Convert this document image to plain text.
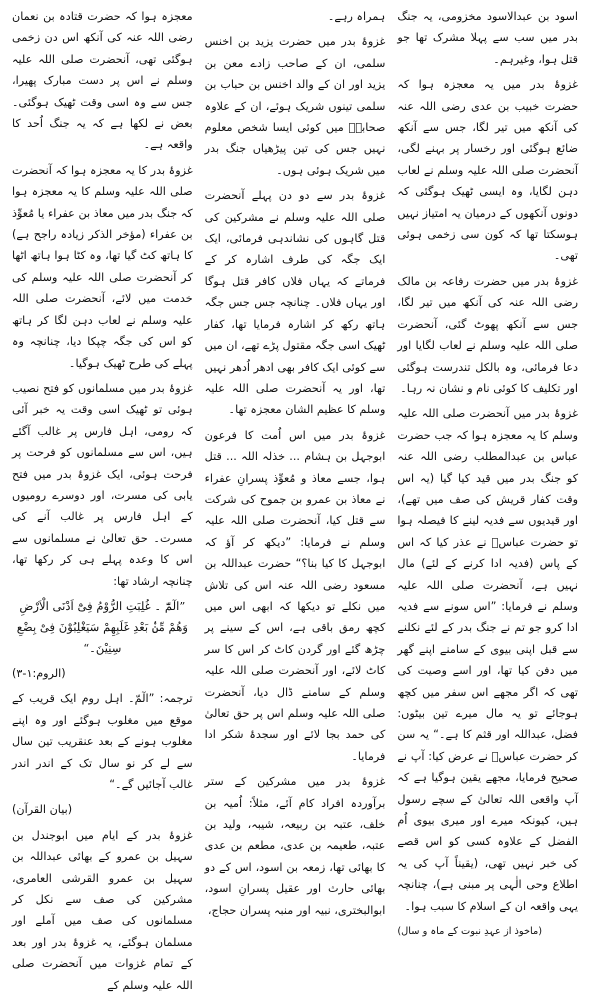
معجزہ ہوا کہ حضرت قتادہ بن نعمان رضی اللہ عنہ کی آنکھ اس دن زخمی ہوگئی تھی، آنحضرت صلی اللہ علیہ وسلم نے اس پر دست مبارک پھیرا، جس سے وہ اسی وقت ٹھیک ہوگئی۔ بعض نے لکھا ہے کہ یہ جنگ اُحد کا واقعہ ہے۔

غزوۂ بدر کا یہ معجزہ ہوا کہ آنحضرت صلی اللہ علیہ وسلم کا یہ معجزہ ہوا کہ جنگ بدر میں معاذ بن عفراء یا مُعوِّذ بن عفراء (مؤخر الذکر زیادہ راجح ہے) کا ہاتھ کٹ گیا تھا، وہ کٹا ہوا ہاتھ اٹھا کر آنحضرت صلی اللہ علیہ وسلم کی خدمت میں لائے، آنحضرت صلی اللہ علیہ وسلم نے لعاب دہن لگا کر ہاتھ کو اس کی جگہ چپکا دیا، چنانچہ وہ پہلے کی طرح ٹھیک ہوگیا۔

غزوۂ بدر میں مسلمانوں کو فتح نصیب ہوئی تو ٹھیک اسی وقت یہ خبر آئی کہ رومی، اہل فارس پر غالب آگئے ہیں، اس سے مسلمانوں کو فرحت پر فرحت ہوئی، ایک غزوۂ بدر میں فتح یابی کی مسرت، اور دوسرے رومیوں کے اہل فارس پر غالب آنے کی مسرت۔ حق تعالیٰ نے مسلمانوں سے اس کا وعدہ پہلے ہی کر رکھا تھا، چنانچہ ارشاد تھا:

”الٓمّٓ ۔ غُلِبَتِ الرُّوْمُ فِیْٓ اَدْنَی الْاَرْضِ وَھُمْ مِّنْۢ بَعْدِ غَلَبِهِمْ سَيَغْلِبُوْنَ فِیْ بِضْعِ سِنِيْنَ۔“

(الروم:۱-۳)

ترجمہ: ”الٓمّ۔ اہل روم ایک قریب کے موقع میں مغلوب ہوگئے اور وہ اپنے مغلوب ہونے کے بعد عنقریب تین سال سے لے کر نو سال تک کے اندر اندر غالب آجائیں گے۔“

(بیان القرآن)

غزوۂ بدر کے ایام میں ابوجندل بن سہیل بن عمرو کے بھائی عبداللہ بن سہیل بن عمرو القرشی العامری، مشرکین کی صف سے نکل کر مسلمانوں کی صف میں آملے اور مسلمان ہوگئے، یہ غزوۂ بدر اور بعد کے تمام غزوات میں آنحضرت صلی اللہ علیہ وسلم کے

ہمراہ رہے۔

غزوۂ بدر میں حضرت یزید بن اخنس سلمی، ان کے صاحب زادے معن بن یزید اور ان کے والد اخنس بن حباب بن سلمی تینوں شریک ہوئے، ان کے علاوہ صحابہؓ میں کوئی ایسا شخص معلوم نہیں جس کی تین پیڑھیاں جنگ بدر میں شریک ہوئی ہوں۔

غزوۂ بدر سے دو دن پہلے آنحضرت صلی اللہ علیہ وسلم نے مشرکین کی قتل گاہوں کی نشاندہی فرمائی، ایک ایک جگہ کی طرف اشارہ کر کے فرماتے کہ یہاں فلاں کافر قتل ہوگا اور یہاں فلاں۔ چنانچہ جس جس جگہ ہاتھ رکھ کر اشارہ فرمایا تھا، کفار ٹھیک اسی جگہ مقتول پڑے تھے، ان میں سے کوئی ایک کافر بھی ادھر اُدھر نہیں تھا، اور یہ آنحضرت صلی اللہ علیہ وسلم کا عظیم الشان معجزہ تھا۔

غزوۂ بدر میں اس اُمت کا فرعون ابوجہل بن ہشام ... خذلہ اللہ ... قتل ہوا، جسے معاذ و مُعوِّذ پسرانِ عفراء نے معاذ بن عمرو بن جموح کی شرکت سے قتل کیا، آنحضرت صلی اللہ علیہ وسلم نے فرمایا: ”دیکھ کر آؤ کہ ابوجہل کا کیا بنا؟“ حضرت عبداللہ بن مسعود رضی اللہ عنہ اس کی تلاش میں نکلے تو دیکھا کہ ابھی اس میں کچھ رمق باقی ہے، اس کے سینے پر چڑھ گئے اور گردن کاٹ کر اس کا سر کاٹ لائے، اور آنحضرت صلی اللہ علیہ وسلم کے سامنے ڈال دیا، آنحضرت صلی اللہ علیہ وسلم اس پر حق تعالیٰ کی حمد بجا لائے اور سجدۂ شکر ادا فرمایا۔

غزوۂ بدر میں مشرکین کے ستر برآوردہ افراد کام آئے، مثلاً: اُمیہ بن خلف، عتبہ بن ربیعہ، شیبہ، ولید بن عتبہ، طعیمہ بن عدی، مطعم بن عدی کا بھائی تھا، زمعہ بن اسود، اس کے دو بھائی حارث اور عقیل پسرانِ اسود، ابوالبختری، نبیہ اور منبہ پسران حجاج،

اسود بن عبدالاسود مخزومی، یہ جنگ بدر میں سب سے پہلا مشرک تھا جو قتل ہوا، وغیرہم۔

غزوۂ بدر میں یہ معجزہ ہوا کہ حضرت خبیب بن عدی رضی اللہ عنہ کی آنکھ میں تیر لگا، جس سے آنکھ ضائع ہوگئی اور رخسار پر بہنے لگی، آنحضرت صلی اللہ علیہ وسلم نے لعاب دہن لگایا، وہ ایسی ٹھیک ہوگئی کہ دونوں آنکھوں کے درمیان یہ امتیاز نہیں ہوسکتا تھا کہ کون سی زخمی ہوئی تھی۔

غزوۂ بدر میں حضرت رفاعہ بن مالک رضی اللہ عنہ کی آنکھ میں تیر لگا، جس سے آنکھ پھوٹ گئی، آنحضرت صلی اللہ علیہ وسلم نے لعاب لگایا اور دعا فرمائی، وہ بالکل تندرست ہوگئی اور تکلیف کا کوئی نام و نشان نہ رہا۔

غزوۂ بدر میں آنحضرت صلی اللہ علیہ وسلم کا یہ معجزہ ہوا کہ جب حضرت عباس بن عبدالمطلب رضی اللہ عنہ کو جنگ بدر میں قید کیا گیا (یہ اس وقت کفار قریش کی صف میں تھے)، اور قیدیوں سے فدیہ لینے کا فیصلہ ہوا تو حضرت عباسؓ نے عذر کیا کہ اس کے پاس (فدیہ ادا کرنے کے لئے) مال نہیں ہے، آنحضرت صلی اللہ علیہ وسلم نے فرمایا: ”اس سونے سے فدیہ ادا کرو جو تم نے جنگ بدر کے لئے نکلنے سے قبل اپنی بیوی کے سامنے اپنے گھر میں دفن کیا تھا، اور اسے وصیت کی تھی کہ اگر مجھے اس سفر میں کچھ ہوجائے تو یہ مال میرے تین بیٹوں: فضل، عبداللہ اور قثم کا ہے۔“ یہ سن کر حضرت عباسؓ نے عرض کیا: آپ نے صحیح فرمایا، مجھے یقین ہوگیا ہے کہ آپ واقعی اللہ تعالیٰ کے سچے رسول ہیں، کیونکہ میرے اور میری بیوی اُم الفضل کے علاوہ کسی کو اس قصے کی خبر نہیں تھی، (یقیناً آپ کی یہ اطلاع وحی الٰہی پر مبنی ہے)، چنانچہ یہی واقعہ ان کے اسلام کا سبب ہوا۔

(ماخوذ از عہدِ نبوت کے ماہ و سال)
